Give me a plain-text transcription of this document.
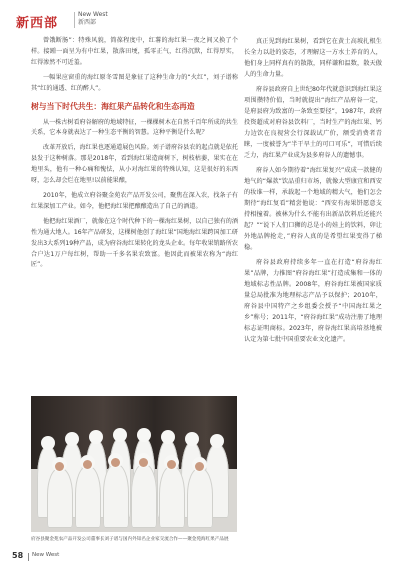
新西部
New West
新西部

曾饿断肠”：特殊风貌，简葆程度中，红薯的海红果一夜之间又换了个样。接踵一面呈为有中红果，散落田埂，孤零正气，红得沉默，红得厚实，红得渗然不可近羞。

一幅果应窗重的海红原冬雪图是象征了这种生命力的“火红”，刘子谱称其“红的通透、红的醉人”。

树与当下时代共生：海红果产品转化和生态再造

从一株古树看府谷解府的地域特征，一棵棵树木在自然千百年所成的共生关系，它本身就表达了一种生态平衡的智慧。这种平衡是什么呢？

改革开放后，海红果也逐通道展色风险。刘子谱府谷县农的起点就是依托县发于这种树落。那是2018年，看到海红果造商树下，树枝枯萎，果实在在地里头，他有一种心痛和愧怯，从小对海红果的特殊认知，这是很好的东西呀，怎么却会烂在地里!以前能果酿，

2010年，他成立府谷聚金苑农产品开发公司，聚焦在深入农，找条子有红果深加工产业。如今，他把海红果把酿酿造出了自己的酒道。

他把海红果酒厂，就像在这个时代种下的一棵海红果树，以自己独有的酒性为通大地人。16年产品研发，这棵树他创了海红果”国地海红果跨国加工研发出3大系列19种产品，成为府谷海红果转化的龙头企业。每年收果销路所农合户达1万户每红树，帮助一千多名果农致富。他因此而被果农称为“海红匠”。

真正见到海红果树，看到它在黄土高坡扎根生长全力以赴的姿态，才理解这一方水土养育的人，他们身上同样真有的散散，同样谦和温数，散天傲人的生命力量。

府谷县政府自上世纪80年代就意识到海红果这项围攒特价值，当时就提出“海红产品府谷一定，是府县府为致富的一条致至要径”，1987年，政府投资超成对府谷县饮料厂，当时生产的海红果、钙力边饮在良视营会行深载试广价，额受消费者青睐，一度被誉为“半干旱土的可口可乐”，可惜后续乏力，海红果产业成为县多府谷人的遗憾事。

府谷人如今期待着“海红果复兴”成成一款健的地气的“爆款”饮品重归市场，就像大型康宜和西安的妆谁一样，承载起一个地域的精大气，他们怎会期待“海红复看”精尝他说：“西安有海果饼愿意支持相撞着。被林为什么不能有出新品饮料后还能兴起？”“说下人们口狮的总是小的娃上的饮料，卯让外地品牌抢走，”府谷人真的是希望红果变得了梯稳。

府谷县政府持续多年一直在打造“府谷海红果”品牌，力推图“府谷海红果”打造成集和一体的地域标志性品牌。2008年，府谷海红果被国家质量总局批准为地理标志产品予以保护；2010年，府谷县中国特产之乡组委会授予“中国海红果之乡”称号；2011年，“府谷海红果”成功注册了地理标志证明商标。2023年，府谷海红果高培基地被认定为第七批中国重要农业文化遗产。

府谷县聚金苑农产品开发公司董事长刘子谱与国内外知名企业家交流合作——聚金苑海红果产品展
58 New West
